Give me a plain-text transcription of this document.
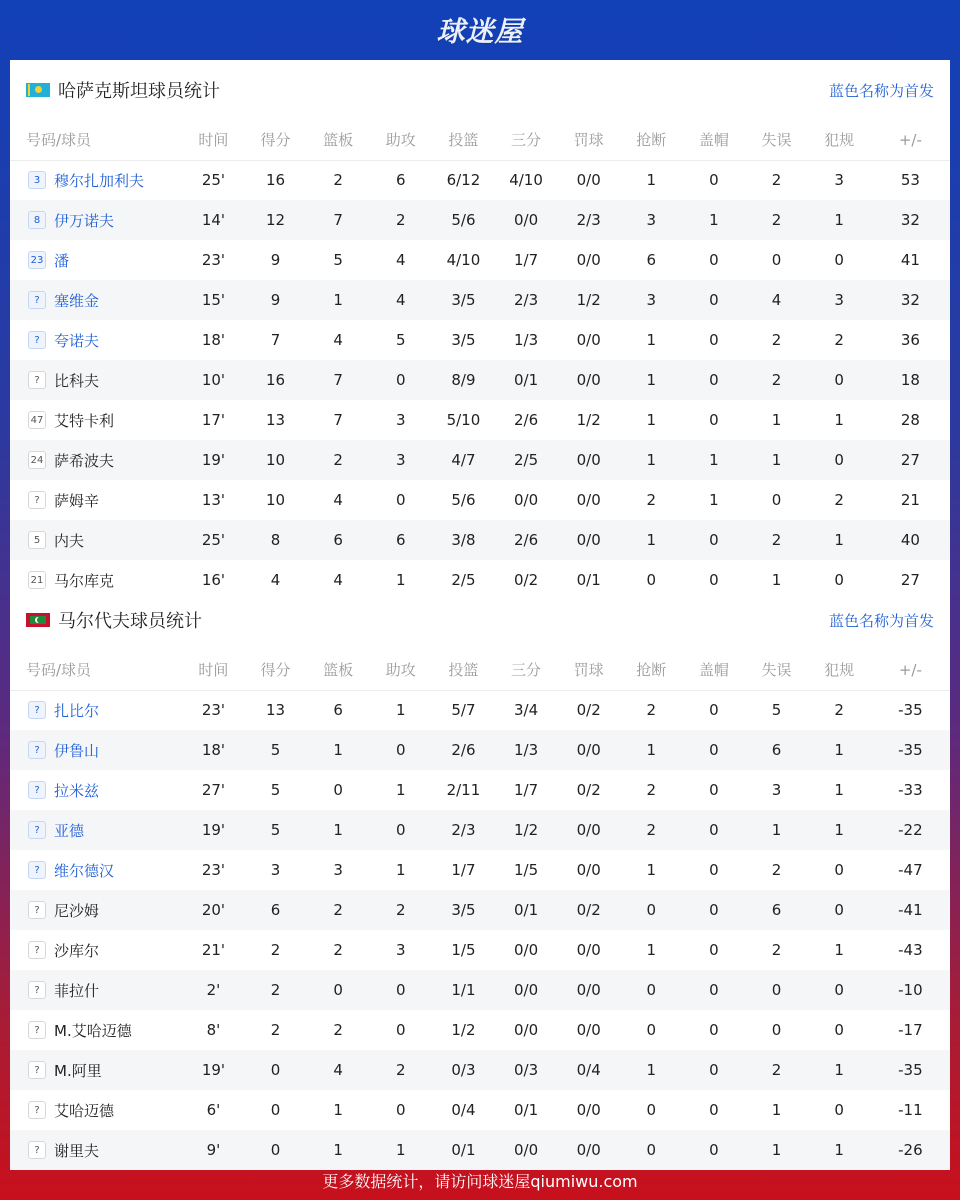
球迷屋
哈萨克斯坦球员统计	蓝色名称为首发
号码/球员	时间	得分	篮板	助攻	投篮	三分	罚球	抢断	盖帽	失误	犯规	+/-
3 穆尔扎加利夫	25'	16	2	6	6/12	4/10	0/0	1	0	2	3	53
8 伊万诺夫	14'	12	7	2	5/6	0/0	2/3	3	1	2	1	32
23 潘	23'	9	5	4	4/10	1/7	0/0	6	0	0	0	41
? 塞维金	15'	9	1	4	3/5	2/3	1/2	3	0	4	3	32
? 夸诺夫	18'	7	4	5	3/5	1/3	0/0	1	0	2	2	36
? 比科夫	10'	16	7	0	8/9	0/1	0/0	1	0	2	0	18
47 艾特卡利	17'	13	7	3	5/10	2/6	1/2	1	0	1	1	28
24 萨希波夫	19'	10	2	3	4/7	2/5	0/0	1	1	1	0	27
? 萨姆辛	13'	10	4	0	5/6	0/0	0/0	2	1	0	2	21
5 内夫	25'	8	6	6	3/8	2/6	0/0	1	0	2	1	40
21 马尔库克	16'	4	4	1	2/5	0/2	0/1	0	0	1	0	27
马尔代夫球员统计	蓝色名称为首发
号码/球员	时间	得分	篮板	助攻	投篮	三分	罚球	抢断	盖帽	失误	犯规	+/-
? 扎比尔	23'	13	6	1	5/7	3/4	0/2	2	0	5	2	-35
? 伊鲁山	18'	5	1	0	2/6	1/3	0/0	1	0	6	1	-35
? 拉米兹	27'	5	0	1	2/11	1/7	0/2	2	0	3	1	-33
? 亚德	19'	5	1	0	2/3	1/2	0/0	2	0	1	1	-22
? 维尔德汉	23'	3	3	1	1/7	1/5	0/0	1	0	2	0	-47
? 尼沙姆	20'	6	2	2	3/5	0/1	0/2	0	0	6	0	-41
? 沙库尔	21'	2	2	3	1/5	0/0	0/0	1	0	2	1	-43
? 菲拉什	2'	2	0	0	1/1	0/0	0/0	0	0	0	0	-10
? M.艾哈迈德	8'	2	2	0	1/2	0/0	0/0	0	0	0	0	-17
? M.阿里	19'	0	4	2	0/3	0/3	0/4	1	0	2	1	-35
? 艾哈迈德	6'	0	1	0	0/4	0/1	0/0	0	0	1	0	-11
? 谢里夫	9'	0	1	1	0/1	0/0	0/0	0	0	1	1	-26
更多数据统计，请访问球迷屋qiumiwu.com
